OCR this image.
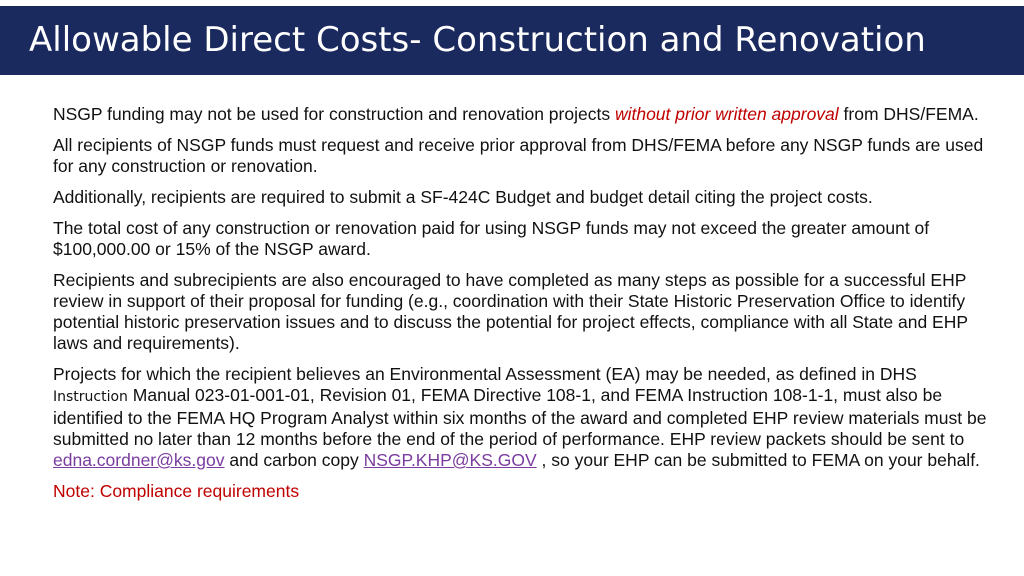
Allowable Direct Costs- Construction and Renovation

NSGP funding may not be used for construction and renovation projects without prior written approval from DHS/FEMA.

All recipients of NSGP funds must request and receive prior approval from DHS/FEMA before any NSGP funds are used for any construction or renovation.

Additionally, recipients are required to submit a SF-424C Budget and budget detail citing the project costs.

The total cost of any construction or renovation paid for using NSGP funds may not exceed the greater amount of $100,000.00 or 15% of the NSGP award.

Recipients and subrecipients are also encouraged to have completed as many steps as possible for a successful EHP review in support of their proposal for funding (e.g., coordination with their State Historic Preservation Office to identify potential historic preservation issues and to discuss the potential for project effects, compliance with all State and EHP laws and requirements).

Projects for which the recipient believes an Environmental Assessment (EA) may be needed, as defined in DHS Instruction Manual 023-01-001-01, Revision 01, FEMA Directive 108-1, and FEMA Instruction 108-1-1, must also be identified to the FEMA HQ Program Analyst within six months of the award and completed EHP review materials must be submitted no later than 12 months before the end of the period of performance. EHP review packets should be sent to edna.cordner@ks.gov and carbon copy NSGP.KHP@KS.GOV , so your EHP can be submitted to FEMA on your behalf.

Note: Compliance requirements
